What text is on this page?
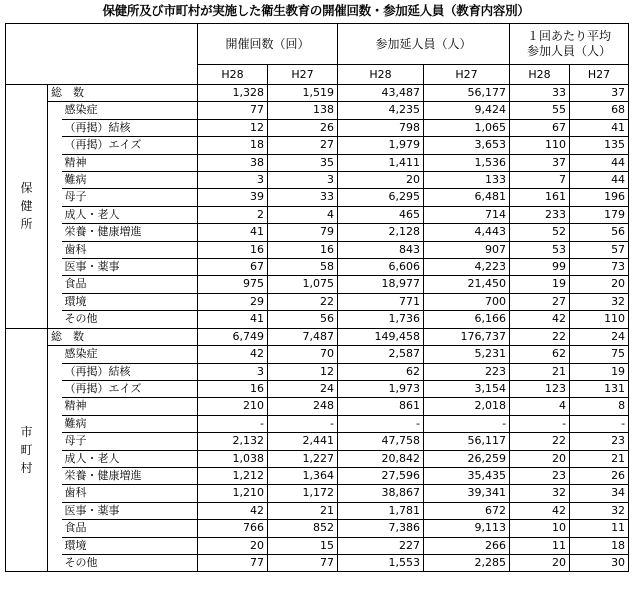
保健所及び市町村が実施した衛生教育の開催回数・参加延人員（教育内容別）
			開催回数（回）		参加延人員（人）		１回あたり平均
参加人員（人）	

			H28	H27	H28	H27	H28	H27
保健所	総　数		1,328	1,519	43,487	56,177	33	37
		感染症	77	138	4,235	9,424	55	68
		（再掲）結核	12	26	798	1,065	67	41
		（再掲）エイズ	18	27	1,979	3,653	110	135
		精神	38	35	1,411	1,536	37	44
		難病	3	3	20	133	7	44
		母子	39	33	6,295	6,481	161	196
		成人・老人	2	4	465	714	233	179
		栄養・健康増進	41	79	2,128	4,443	52	56
		歯科	16	16	843	907	53	57
		医事・薬事	67	58	6,606	4,223	99	73
		食品	975	1,075	18,977	21,450	19	20
		環境	29	22	771	700	27	32
		その他	41	56	1,736	6,166	42	110
市町村	総　数		6,749	7,487	149,458	176,737	22	24
		感染症	42	70	2,587	5,231	62	75
		（再掲）結核	3	12	62	223	21	19
		（再掲）エイズ	16	24	1,973	3,154	123	131
		精神	210	248	861	2,018	4	8
		難病	-	-	-	-	-	-
		母子	2,132	2,441	47,758	56,117	22	23
		成人・老人	1,038	1,227	20,842	26,259	20	21
		栄養・健康増進	1,212	1,364	27,596	35,435	23	26
		歯科	1,210	1,172	38,867	39,341	32	34
		医事・薬事	42	21	1,781	672	42	32
		食品	766	852	7,386	9,113	10	11
		環境	20	15	227	266	11	18
		その他	77	77	1,553	2,285	20	30
